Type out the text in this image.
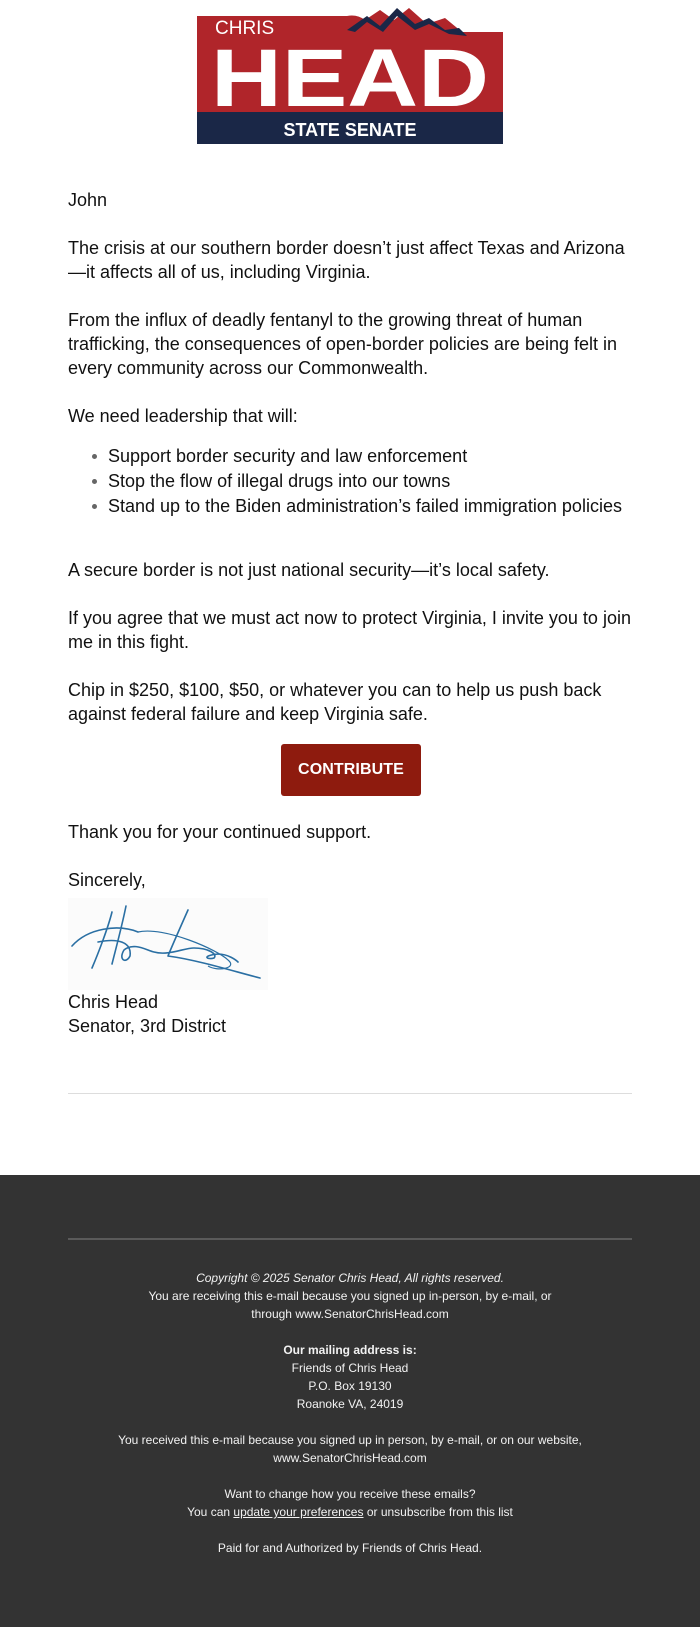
CHRIS
HEAD
STATE SENATE

John

The crisis at our southern border doesn’t just affect Texas and Arizona—it affects all of us, including Virginia.

From the influx of deadly fentanyl to the growing threat of human trafficking, the consequences of open-border policies are being felt in every community across our Commonwealth.

We need leadership that will:

Support border security and law enforcement
Stop the flow of illegal drugs into our towns
Stand up to the Biden administration’s failed immigration policies

A secure border is not just national security—it’s local safety.

If you agree that we must act now to protect Virginia, I invite you to join me in this fight.

Chip in $250, $100, $50, or whatever you can to help us push back against federal failure and keep Virginia safe.

CONTRIBUTE

Thank you for your continued support.

Sincerely,

Chris Head

Senator, 3rd District

Copyright © 2025 Senator Chris Head, All rights reserved.
You are receiving this e-mail because you signed up in-person, by e-mail, or
through www.SenatorChrisHead.com
Our mailing address is:
Friends of Chris Head
P.O. Box 19130
Roanoke VA, 24019
You received this e-mail because you signed up in person, by e-mail, or on our website,
www.SenatorChrisHead.com
Want to change how you receive these emails?
You can update your preferences or unsubscribe from this list
Paid for and Authorized by Friends of Chris Head.
